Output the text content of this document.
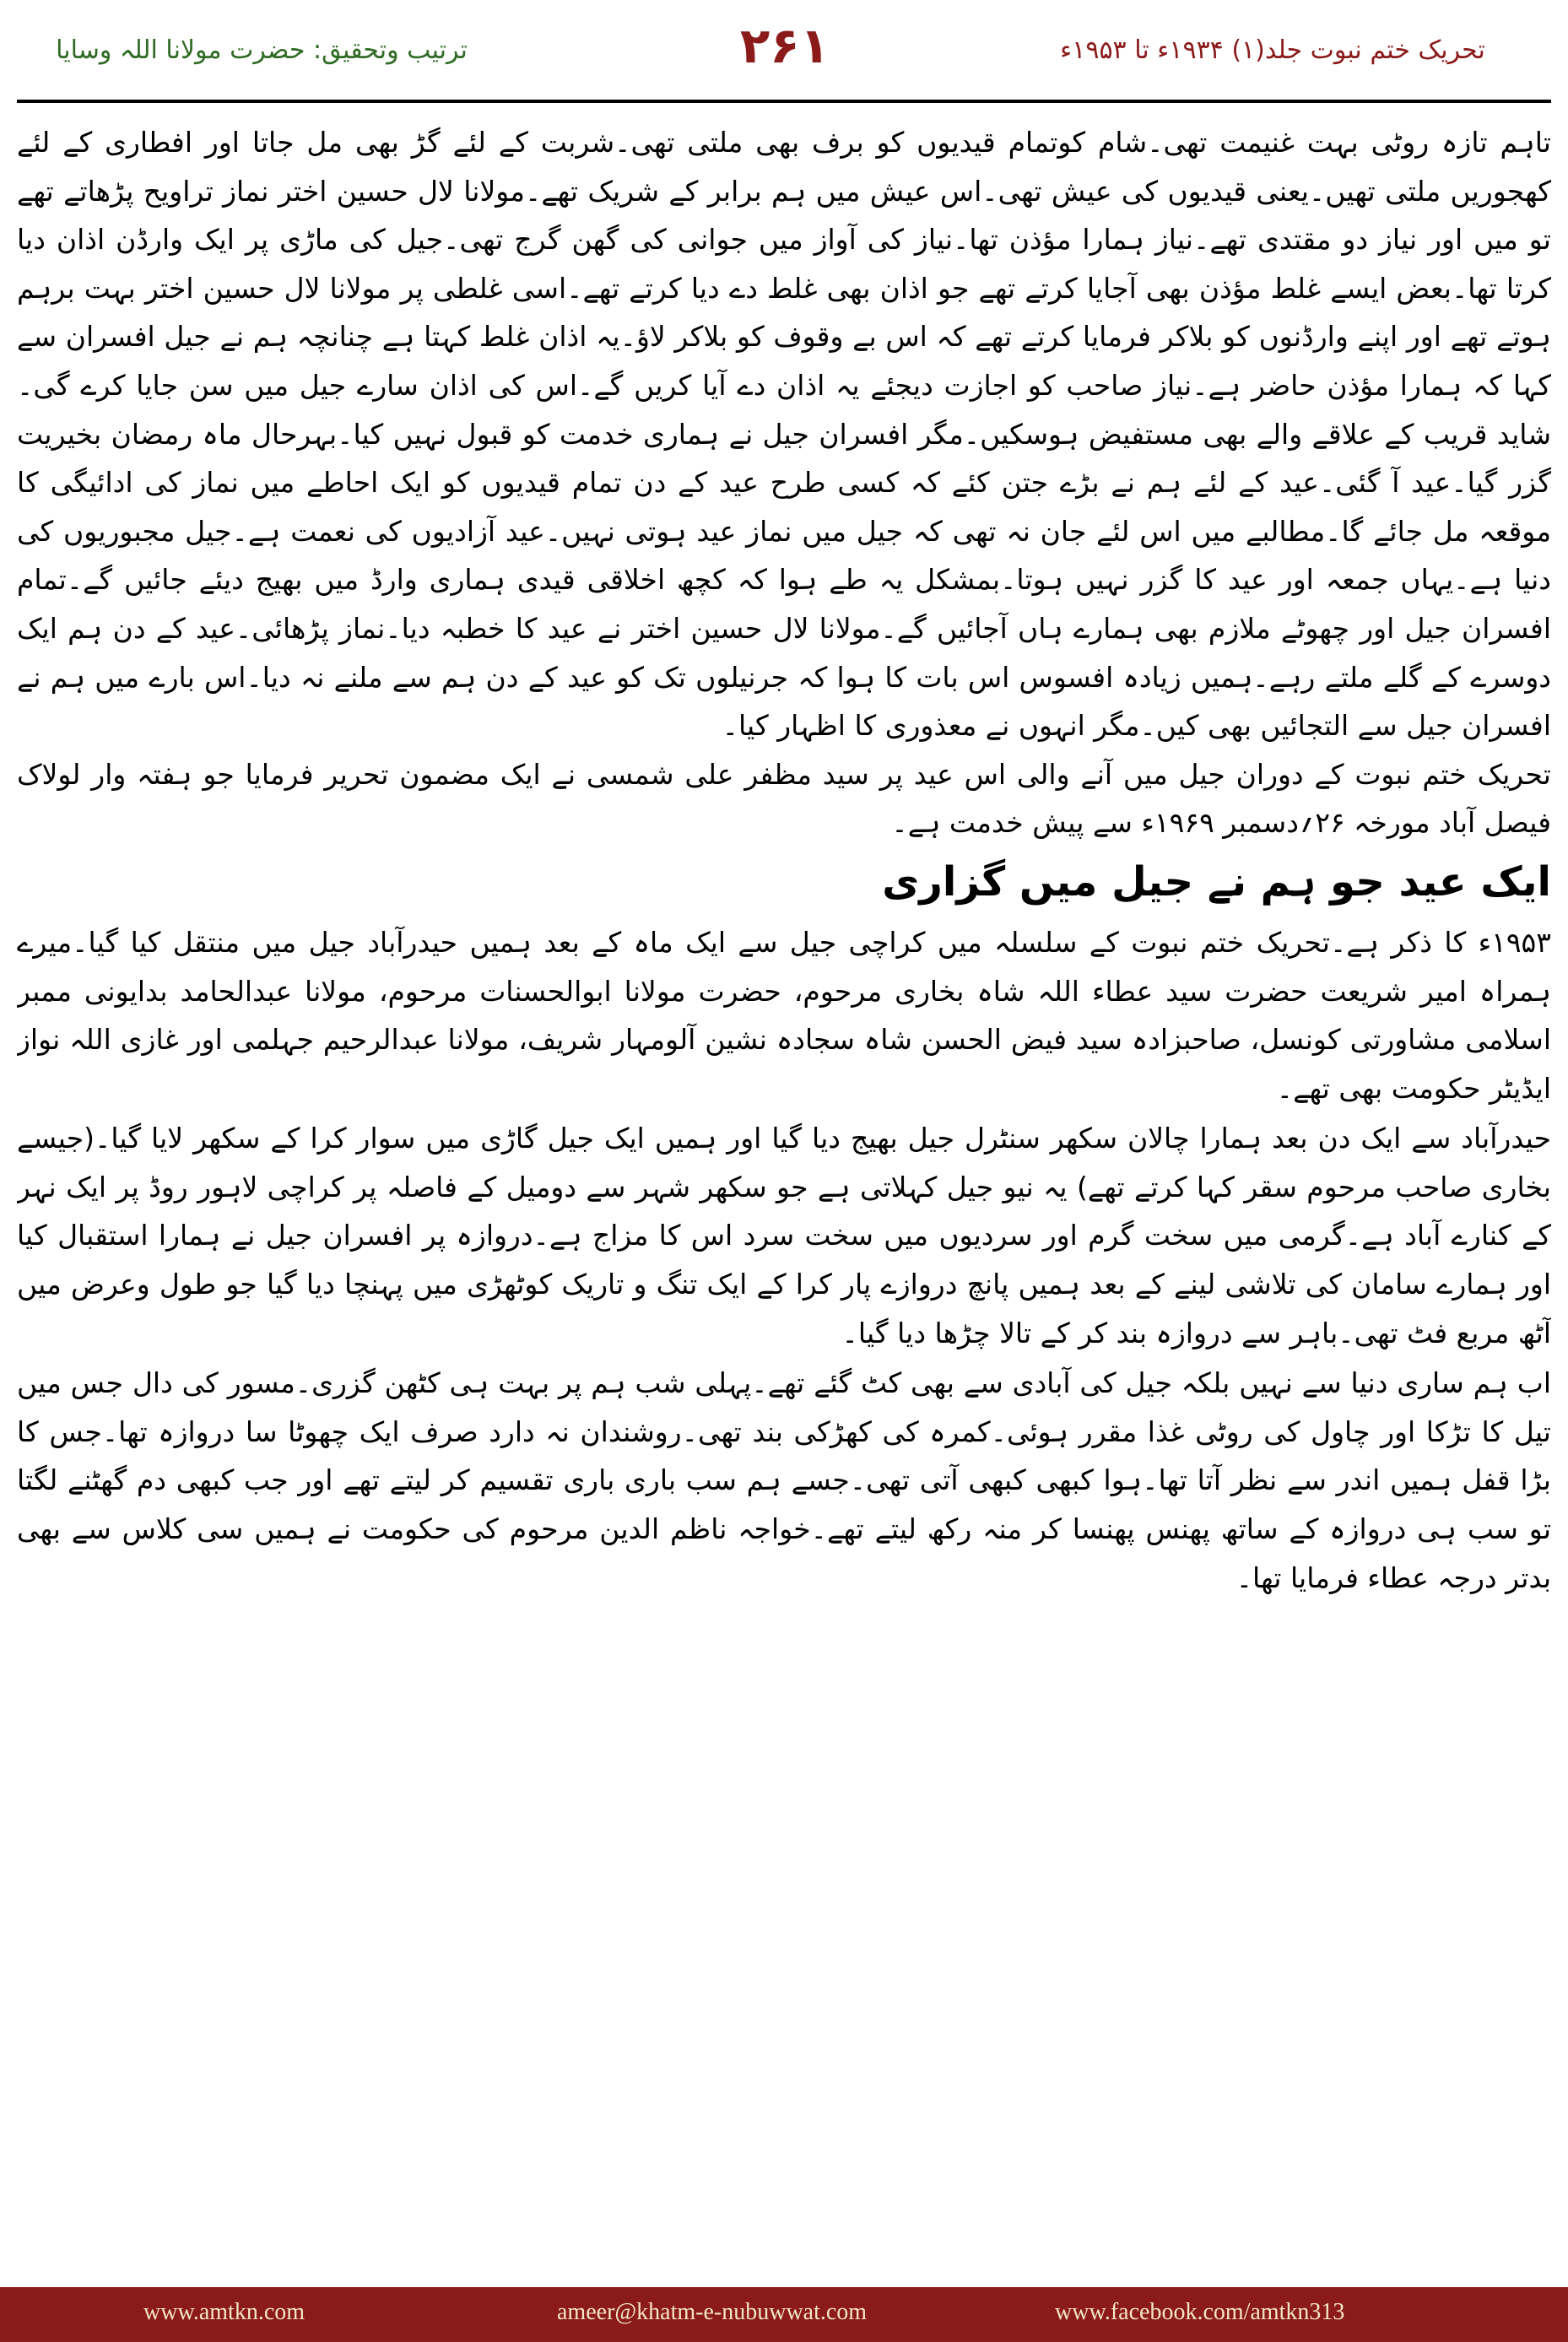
ترتیب وتحقیق: حضرت مولانا اللہ وسایا	۲۶۱	تحریک ختم نبوت جلد(۱) ۱۹۳۴ء تا ۱۹۵۳ء

تاہم تازہ روٹی بہت غنیمت تھی۔شام کوتمام قیدیوں کو برف بھی ملتی تھی۔شربت کے لئے گڑ بھی مل جاتا اور افطاری کے لئے کھجوریں ملتی تھیں۔یعنی قیدیوں کی عیش تھی۔اس عیش میں ہم برابر کے شریک تھے۔مولانا لال حسین اختر نماز تراویح پڑھاتے تھے تو میں اور نیاز دو مقتدی تھے۔نیاز ہمارا مؤذن تھا۔نیاز کی آواز میں جوانی کی گھن گرج تھی۔جیل کی ماڑی پر ایک وارڈن اذان دیا کرتا تھا۔بعض ایسے غلط مؤذن بھی آجایا کرتے تھے جو اذان بھی غلط دے دیا کرتے تھے۔اسی غلطی پر مولانا لال حسین اختر بہت برہم ہوتے تھے اور اپنے وارڈنوں کو بلاکر فرمایا کرتے تھے کہ اس بے وقوف کو بلاکر لاؤ۔یہ اذان غلط کہتا ہے چنانچہ ہم نے جیل افسران سے کہا کہ ہمارا مؤذن حاضر ہے۔نیاز صاحب کو اجازت دیجئے یہ اذان دے آیا کریں گے۔اس کی اذان سارے جیل میں سن جایا کرے گی۔شاید قریب کے علاقے والے بھی مستفیض ہوسکیں۔مگر افسران جیل نے ہماری خدمت کو قبول نہیں کیا۔بہرحال ماہ رمضان بخیریت گزر گیا۔عید آ گئی۔عید کے لئے ہم نے بڑے جتن کئے کہ کسی طرح عید کے دن تمام قیدیوں کو ایک احاطے میں نماز کی ادائیگی کا موقعہ مل جائے گا۔مطالبے میں اس لئے جان نہ تھی کہ جیل میں نماز عید ہوتی نہیں۔عید آزادیوں کی نعمت ہے۔جیل مجبوریوں کی دنیا ہے۔یہاں جمعہ اور عید کا گزر نہیں ہوتا۔بمشکل یہ طے ہوا کہ کچھ اخلاقی قیدی ہماری وارڈ میں بھیج دیئے جائیں گے۔تمام افسران جیل اور چھوٹے ملازم بھی ہمارے ہاں آجائیں گے۔مولانا لال حسین اختر نے عید کا خطبہ دیا۔نماز پڑھائی۔عید کے دن ہم ایک دوسرے کے گلے ملتے رہے۔ہمیں زیادہ افسوس اس بات کا ہوا کہ جرنیلوں تک کو عید کے دن ہم سے ملنے نہ دیا۔اس بارے میں ہم نے افسران جیل سے التجائیں بھی کیں۔مگر انہوں نے معذوری کا اظہار کیا۔

تحریک ختم نبوت کے دوران جیل میں آنے والی اس عید پر سید مظفر علی شمسی نے ایک مضمون تحریر فرمایا جو ہفتہ وار لولاک فیصل آباد مورخہ ۲۶؍دسمبر ۱۹۶۹ء سے پیش خدمت ہے۔

ایک عید جو ہم نے جیل میں گزاری

۱۹۵۳ء کا ذکر ہے۔تحریک ختم نبوت کے سلسلہ میں کراچی جیل سے ایک ماہ کے بعد ہمیں حیدرآباد جیل میں منتقل کیا گیا۔میرے ہمراہ امیر شریعت حضرت سید عطاء اللہ شاہ بخاری مرحوم، حضرت مولانا ابوالحسنات مرحوم، مولانا عبدالحامد بدایونی ممبر اسلامی مشاورتی کونسل، صاحبزادہ سید فیض الحسن شاہ سجادہ نشین آلومہار شریف، مولانا عبدالرحیم جہلمی اور غازی اللہ نواز ایڈیٹر حکومت بھی تھے۔

حیدرآباد سے ایک دن بعد ہمارا چالان سکھر سنٹرل جیل بھیج دیا گیا اور ہمیں ایک جیل گاڑی میں سوار کرا کے سکھر لایا گیا۔(جیسے بخاری صاحب مرحوم سقر کہا کرتے تھے) یہ نیو جیل کہلاتی ہے جو سکھر شہر سے دومیل کے فاصلہ پر کراچی لاہور روڈ پر ایک نہر کے کنارے آباد ہے۔گرمی میں سخت گرم اور سردیوں میں سخت سرد اس کا مزاج ہے۔دروازہ پر افسران جیل نے ہمارا استقبال کیا اور ہمارے سامان کی تلاشی لینے کے بعد ہمیں پانچ دروازے پار کرا کے ایک تنگ و تاریک کوٹھڑی میں پہنچا دیا گیا جو طول وعرض میں آٹھ مربع فٹ تھی۔باہر سے دروازہ بند کر کے تالا چڑھا دیا گیا۔

اب ہم ساری دنیا سے نہیں بلکہ جیل کی آبادی سے بھی کٹ گئے تھے۔پہلی شب ہم پر بہت ہی کٹھن گزری۔مسور کی دال جس میں تیل کا تڑکا اور چاول کی روٹی غذا مقرر ہوئی۔کمرہ کی کھڑکی بند تھی۔روشندان نہ دارد صرف ایک چھوٹا سا دروازہ تھا۔جس کا بڑا قفل ہمیں اندر سے نظر آتا تھا۔ہوا کبھی کبھی آتی تھی۔جسے ہم سب باری باری تقسیم کر لیتے تھے اور جب کبھی دم گھٹنے لگتا تو سب ہی دروازہ کے ساتھ پھنس پھنسا کر منہ رکھ لیتے تھے۔خواجہ ناظم الدین مرحوم کی حکومت نے ہمیں سی کلاس سے بھی بدتر درجہ عطاء فرمایا تھا۔

www.amtkn.com	ameer@khatm-e-nubuwwat.com	www.facebook.com/amtkn313
